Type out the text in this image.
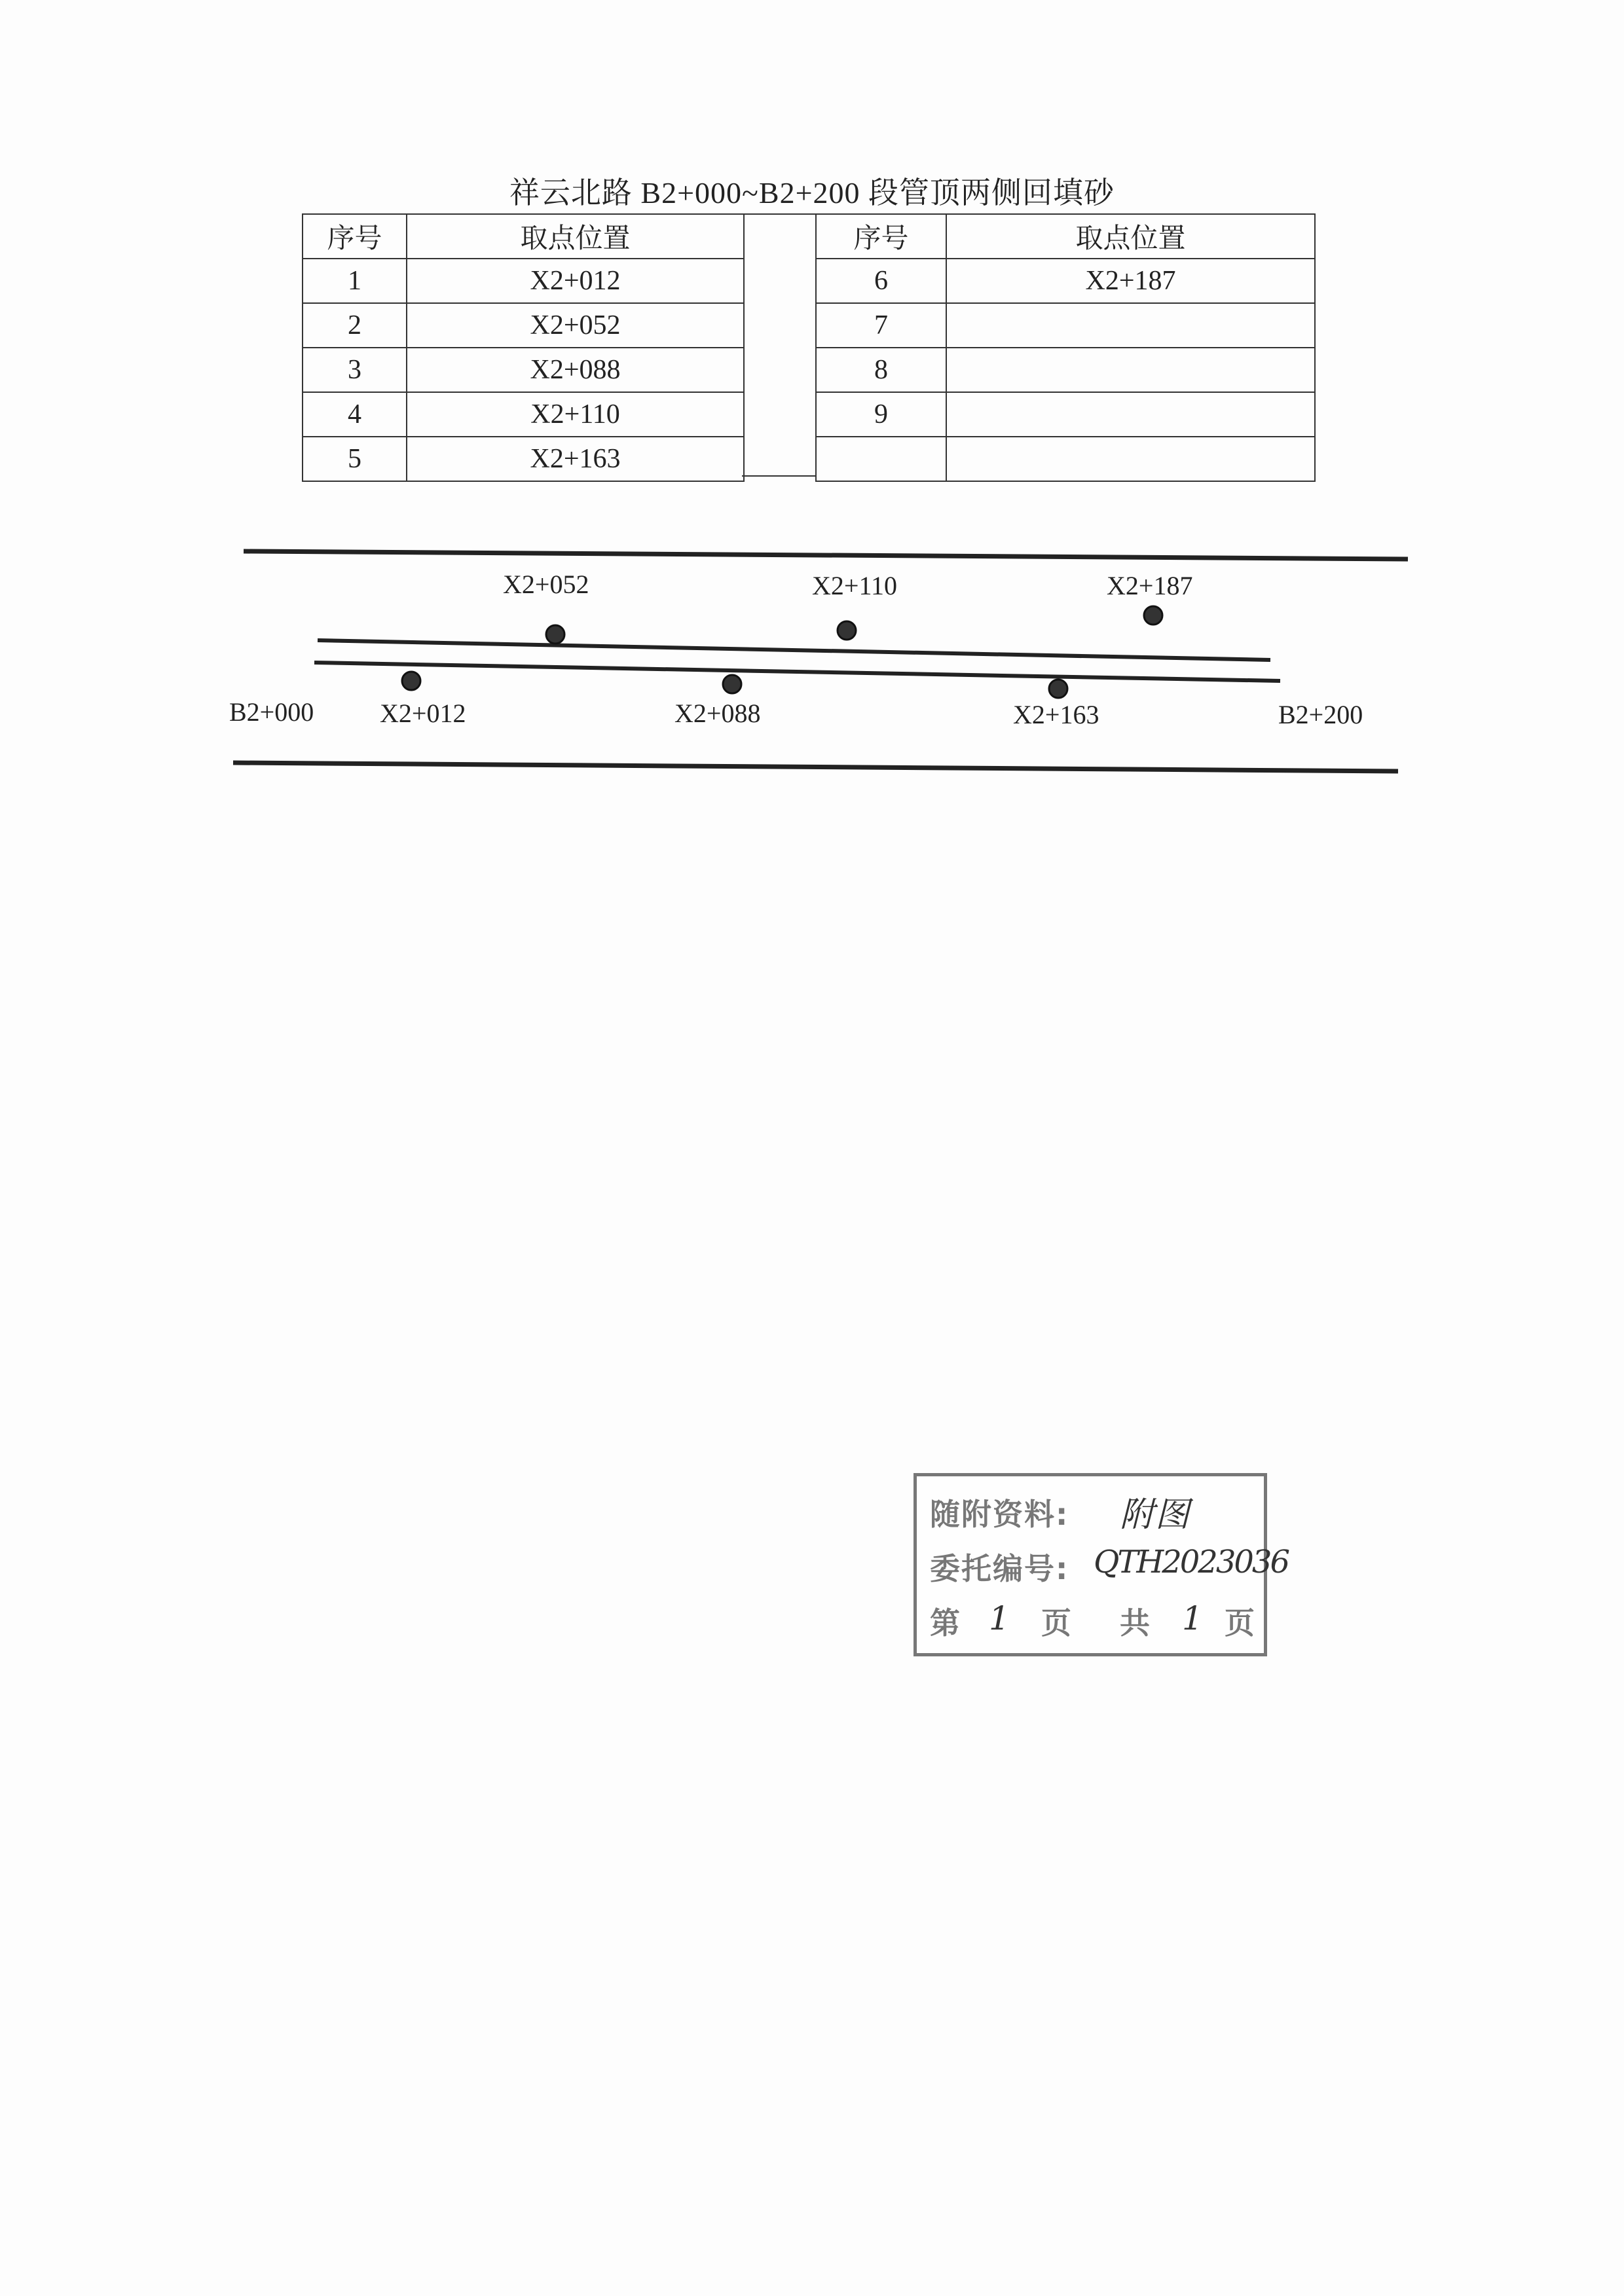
祥云北路 B2+000~B2+200 段管顶两侧回填砂
序号	取点位置
1	X2+012
2	X2+052
3	X2+088
4	X2+110
5	X2+163
序号	取点位置
6	X2+187
7	
8	
9	

B2+000	B2+200
X2+012
X2+052
X2+088
X2+110
X2+163
X2+187
随附资料: 附图
委托编号: QTH2023036
第 1 页 共 1 页
